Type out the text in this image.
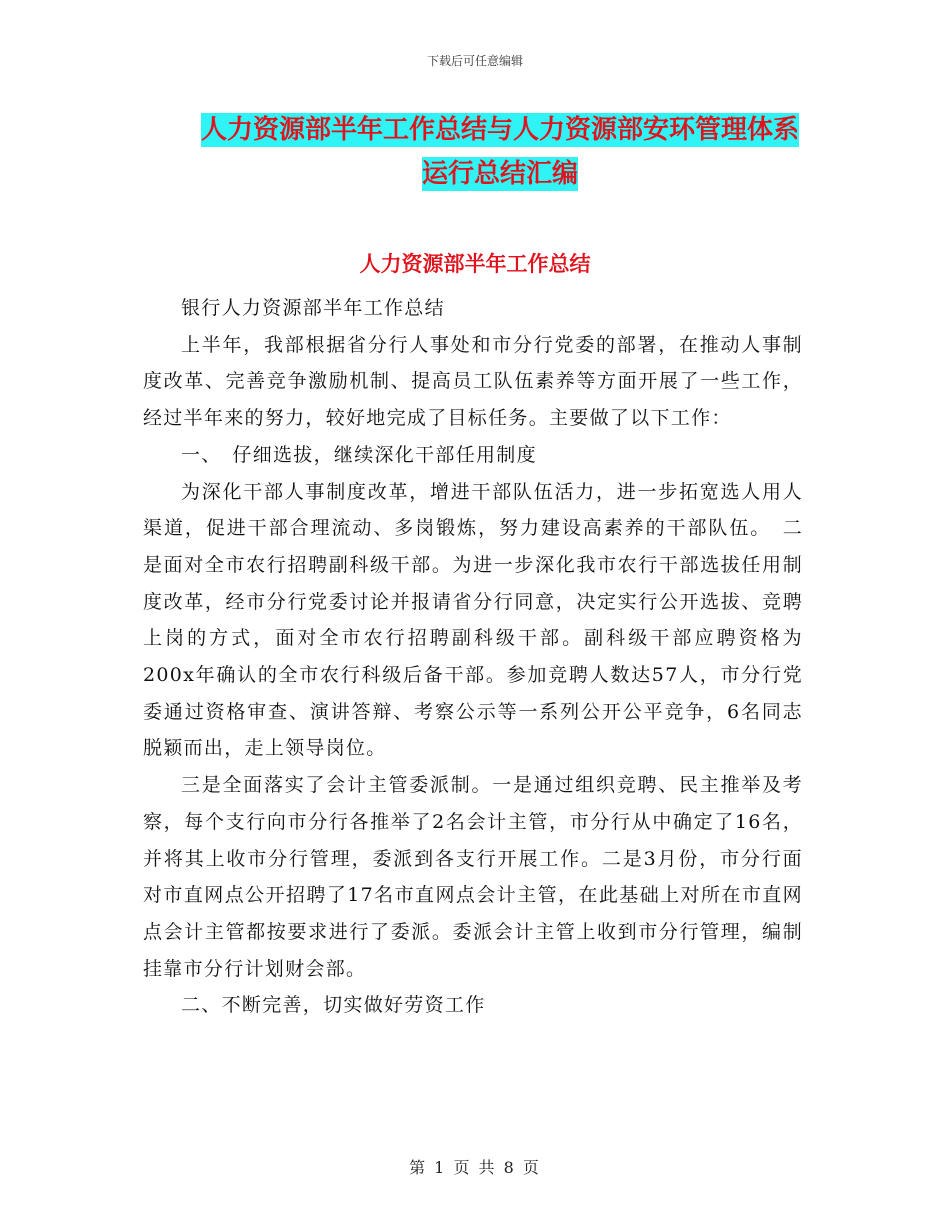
下载后可任意编辑
人力资源部半年工作总结与人力资源部安环管理体系
运行总结汇编
人力资源部半年工作总结

银行人力资源部半年工作总结

上半年，我部根据省分行人事处和市分行党委的部署，在推动人事制度改革、完善竞争激励机制、提高员工队伍素养等方面开展了一些工作，经过半年来的努力，较好地完成了目标任务。主要做了以下工作：

一、　仔细选拔，继续深化干部任用制度

为深化干部人事制度改革，增进干部队伍活力，进一步拓宽选人用人渠道，促进干部合理流动、多岗锻炼，努力建设高素养的干部队伍。　二是面对全市农行招聘副科级干部。为进一步深化我市农行干部选拔任用制度改革，经市分行党委讨论并报请省分行同意，决定实行公开选拔、竞聘上岗的方式，面对全市农行招聘副科级干部。副科级干部应聘资格为200x年确认的全市农行科级后备干部。参加竞聘人数达57人，市分行党委通过资格审查、演讲答辩、考察公示等一系列公开公平竞争，6名同志脱颖而出，走上领导岗位。

三是全面落实了会计主管委派制。一是通过组织竞聘、民主推举及考察，每个支行向市分行各推举了2名会计主管，市分行从中确定了16名，并将其上收市分行管理，委派到各支行开展工作。二是3月份，市分行面对市直网点公开招聘了17名市直网点会计主管，在此基础上对所在市直网点会计主管都按要求进行了委派。委派会计主管上收到市分行管理，编制挂靠市分行计划财会部。

二、不断完善，切实做好劳资工作

第 1 页 共 8 页
